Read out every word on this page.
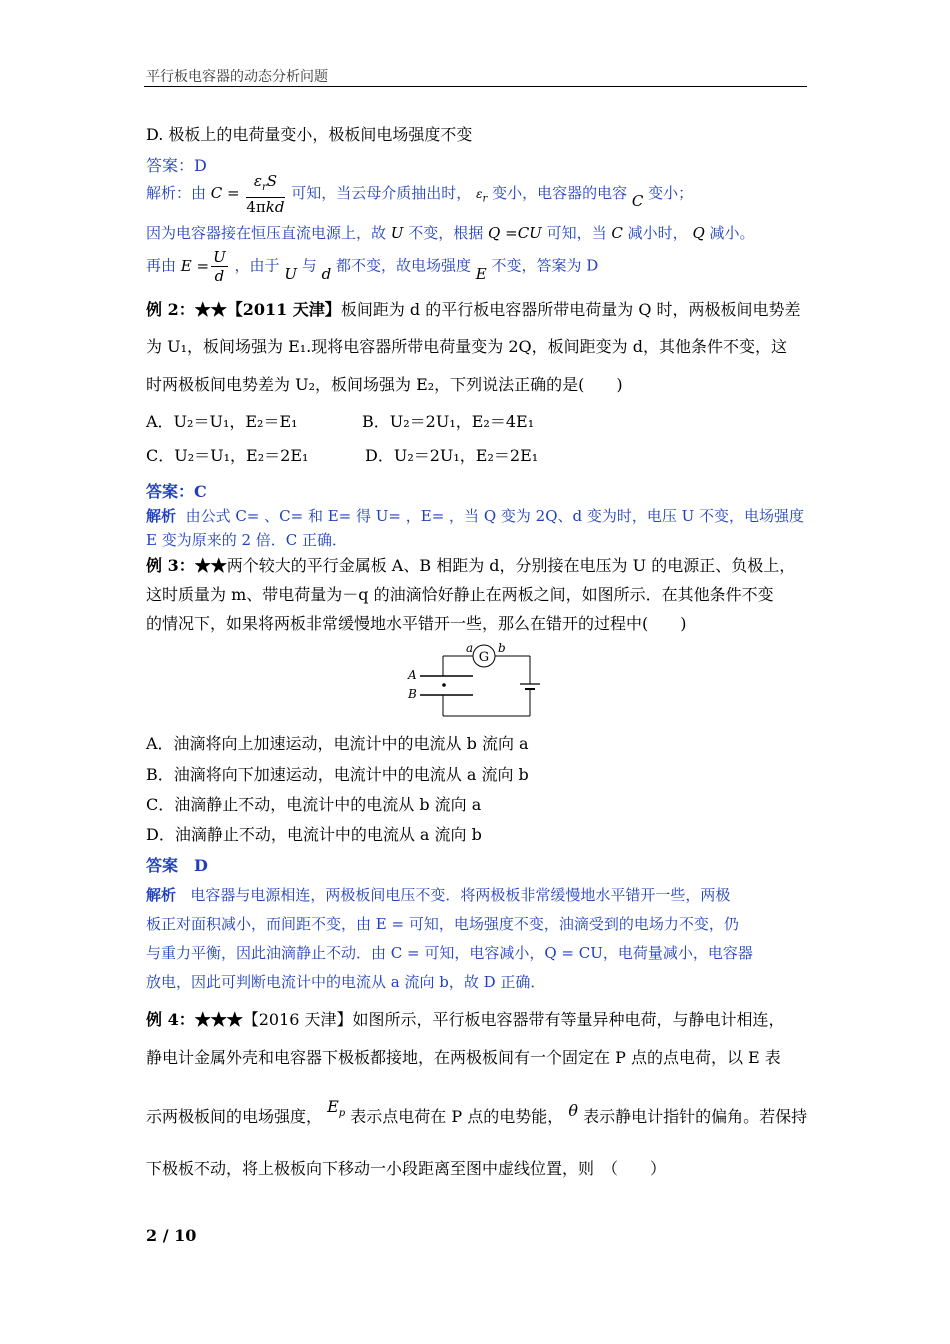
平行板电容器的动态分析问题
D. 极板上的电荷量变小，极板间电场强度不变
答案：D
解析：由 $C = \frac{\varepsilon_rS}{\text{4πkd}}$ 可知，当云母介质抽出时， $\varepsilon_r$ 变小，电容器的电容 C 变小；
因为电容器接在恒压直流电源上，故 U 不变，根据 Q =CU 可知，当 C 减小时， Q 减小。
再由 $E = \frac{U}{d}$ ，由于 U 与 d 都不变，故电场强度 E 不变，答案为 D
例 2：★★【2011 天津】板间距为 d 的平行板电容器所带电荷量为 Q 时，两极板间电势差
为 U₁，板间场强为 E₁.现将电容器所带电荷量变为 2Q，板间距变为 d，其他条件不变，这
时两极板间电势差为 U₂，板间场强为 E₂，下列说法正确的是(　　)
A．U₂＝U₁，E₂＝E₁	B．U₂＝2U₁，E₂＝4E₁
C．U₂＝U₁，E₂＝2E₁	D．U₂＝2U₁，E₂＝2E₁
答案：C
解析 由公式 C= 、C= 和 E= 得 U= ，E= ，当 Q 变为 2Q、d 变为时，电压 U 不变，电场强度
E 变为原来的 2 倍．C 正确．
例 3：★★两个较大的平行金属板 A、B 相距为 d，分别接在电压为 U 的电源正、负极上，
这时质量为 m、带电荷量为－q 的油滴恰好静止在两板之间，如图所示．在其他条件不变
的情况下，如果将两板非常缓慢地水平错开一些，那么在错开的过程中(　　)
G
a b
A
B
A．油滴将向上加速运动，电流计中的电流从 b 流向 a
B．油滴将向下加速运动，电流计中的电流从 a 流向 b
C．油滴静止不动，电流计中的电流从 b 流向 a
D．油滴静止不动，电流计中的电流从 a 流向 b
答案　D
解析 电容器与电源相连，两极板间电压不变．将两极板非常缓慢地水平错开一些，两极
板正对面积减小，而间距不变，由 E = 可知，电场强度不变，油滴受到的电场力不变，仍
与重力平衡，因此油滴静止不动．由 C = 可知，电容减小，Q = CU，电荷量减小，电容器
放电，因此可判断电流计中的电流从 a 流向 b，故 D 正确．
例 4：★★★【2016 天津】如图所示，平行板电容器带有等量异种电荷，与静电计相连，
静电计金属外壳和电容器下极板都接地，在两极板间有一个固定在 P 点的点电荷，以 E 表
示两极板间的电场强度， $E_p$ 表示点电荷在 P 点的电势能， θ 表示静电计指针的偏角。若保持
下极板不动，将上极板向下移动一小段距离至图中虚线位置，则　（　　）
2 / 10
